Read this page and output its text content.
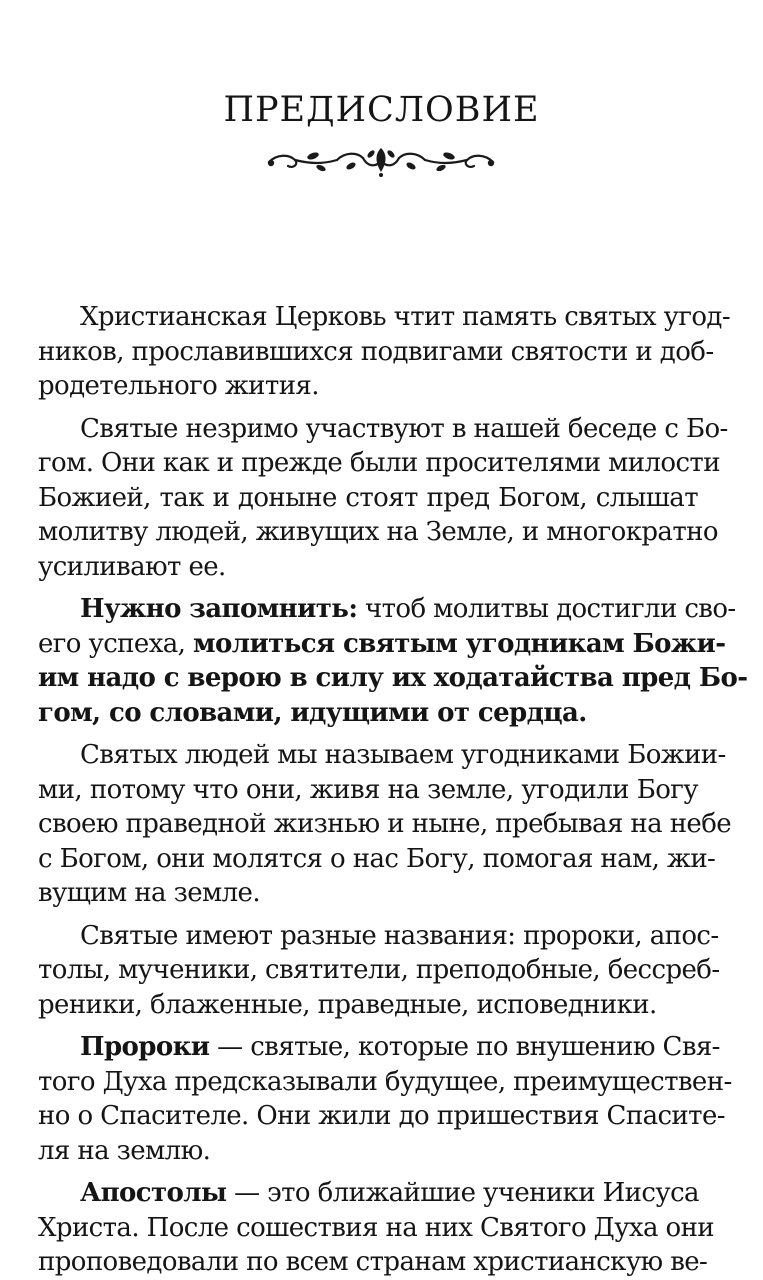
ПРЕДИСЛОВИЕ

Христианская Церковь чтит память святых угод-
ников, прославившихся подвигами святости и доб-
родетельного жития.

Святые незримо участвуют в нашей беседе с Бо-
гом. Они как и прежде были просителями милости
Божией, так и доныне стоят пред Богом, слышат
молитву людей, живущих на Земле, и многократно
усиливают ее.

Нужно запомнить: чтоб молитвы достигли сво-
его успеха, молиться святым угодникам Божи-
им надо с верою в силу их ходатайства пред Бо-
гом, со словами, идущими от сердца.

Святых людей мы называем угодниками Божии-
ми, потому что они, живя на земле, угодили Богу
своею праведной жизнью и ныне, пребывая на небе
с Богом, они молятся о нас Богу, помогая нам, жи-
вущим на земле.

Святые имеют разные названия: пророки, апос-
толы, мученики, святители, преподобные, бессреб-
реники, блаженные, праведные, исповедники.

Пророки — святые, которые по внушению Свя-
того Духа предсказывали будущее, преимуществен-
но о Спасителе. Они жили до пришествия Спасите-
ля на землю.

Апостолы — это ближайшие ученики Иисуса
Христа. После сошествия на них Святого Духа они
проповедовали по всем странам христианскую ве-
